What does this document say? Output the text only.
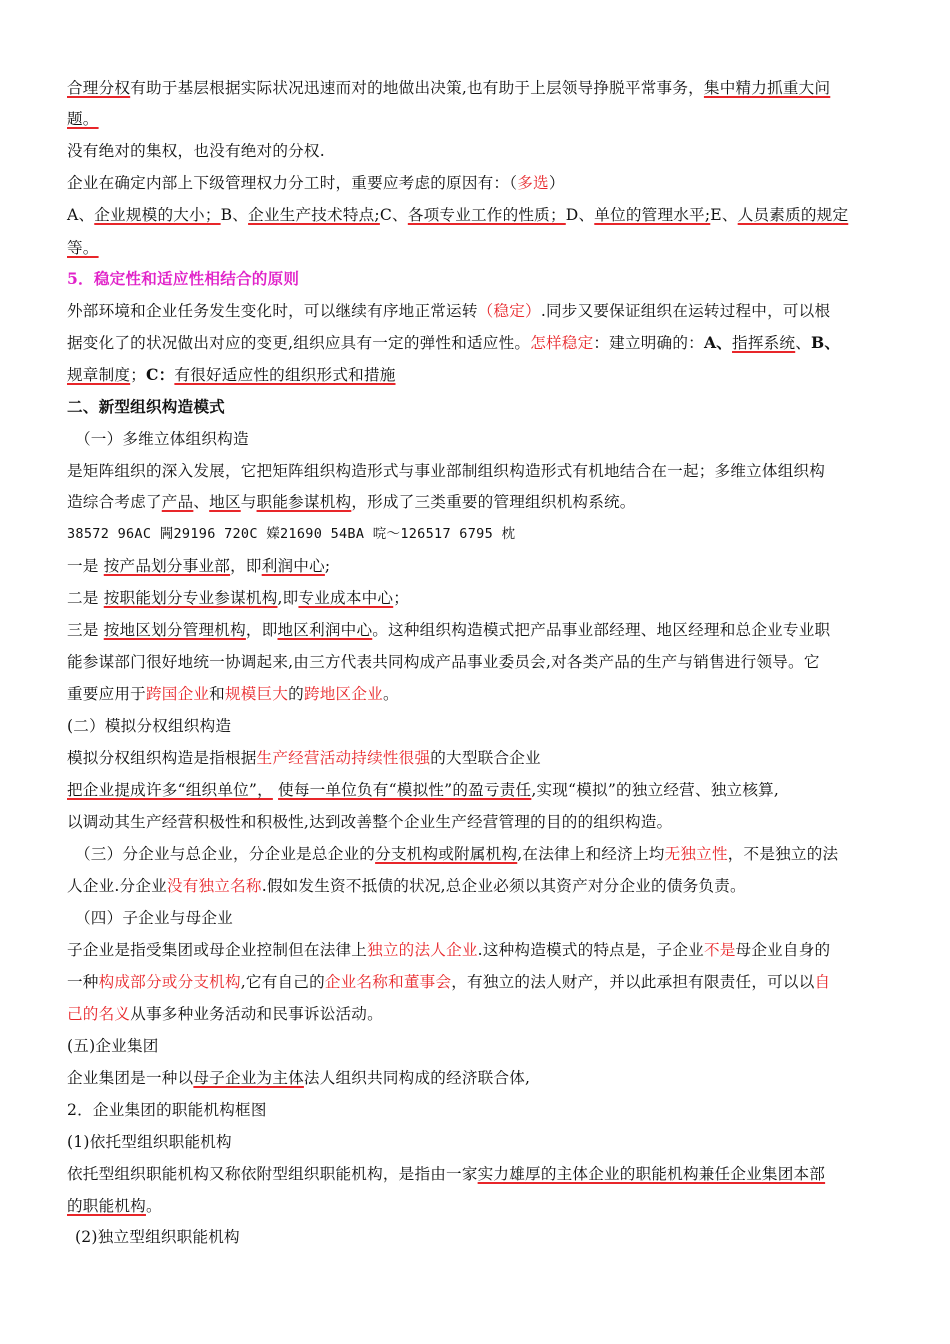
合理分权有助于基层根据实际状况迅速而对的地做出决策,也有助于上层领导挣脱平常事务，集中精力抓重大问
题。
没有绝对的集权，也没有绝对的分权.
企业在确定内部上下级管理权力分工时，重要应考虑的原因有：（多选）
A、企业规模的大小；B、企业生产技术特点;C、各项专业工作的性质；D、单位的管理水平;E、人员素质的规定
等。
5．稳定性和适应性相结合的原则
外部环境和企业任务发生变化时，可以继续有序地正常运转（稳定）.同步又要保证组织在运转过程中，可以根
据变化了的状况做出对应的变更,组织应具有一定的弹性和适应性。怎样稳定：建立明确的：A、指挥系统、B、
规章制度；C：有很好适应性的组织形式和措施
二、新型组织构造模式
（一）多维立体组织构造
是矩阵组织的深入发展，它把矩阵组织构造形式与事业部制组织构造形式有机地结合在一起；多维立体组织构
造综合考虑了产品、地区与职能参谋机构，形成了三类重要的管理组织机构系统。
38572 96AC 闁29196 720C 嬫21690 54BA 唍～126517 6795 枕
一是 按产品划分事业部，即利润中心;
二是 按职能划分专业参谋机构,即专业成本中心；
三是 按地区划分管理机构，即地区利润中心。这种组织构造模式把产品事业部经理、地区经理和总企业专业职
能参谋部门很好地统一协调起来,由三方代表共同构成产品事业委员会,对各类产品的生产与销售进行领导。它
重要应用于跨国企业和规模巨大的跨地区企业。
(二）模拟分权组织构造
模拟分权组织构造是指根据生产经营活动持续性很强的大型联合企业
把企业提成许多“组织单位”， 使每一单位负有“模拟性”的盈亏责任,实现“模拟”的独立经营、独立核算,
以调动其生产经营积极性和积极性,达到改善整个企业生产经营管理的目的的组织构造。
（三）分企业与总企业，分企业是总企业的分支机构或附属机构,在法律上和经济上均无独立性，不是独立的法
人企业.分企业没有独立名称.假如发生资不抵债的状况,总企业必须以其资产对分企业的债务负责。
（四）子企业与母企业
子企业是指受集团或母企业控制但在法律上独立的法人企业.这种构造模式的特点是，子企业不是母企业自身的
一种构成部分或分支机构,它有自己的企业名称和董事会，有独立的法人财产，并以此承担有限责任，可以以自
己的名义从事多种业务活动和民事诉讼活动。
(五)企业集团
企业集团是一种以母子企业为主体法人组织共同构成的经济联合体,
2．企业集团的职能机构框图
(1)依托型组织职能机构
依托型组织职能机构又称依附型组织职能机构，是指由一家实力雄厚的主体企业的职能机构兼任企业集团本部
的职能机构。
(2)独立型组织职能机构
